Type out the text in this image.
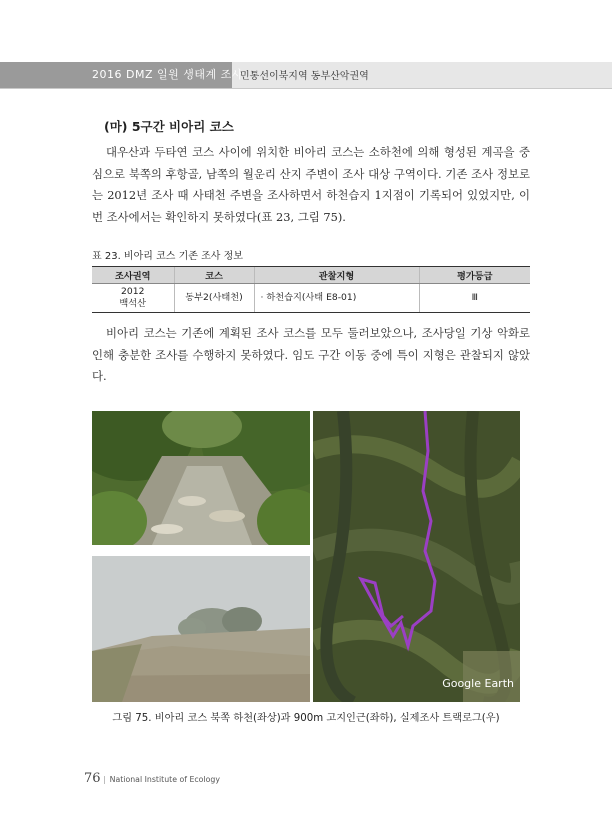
2016 DMZ 일원 생태계 조사
민통선이북지역 동부산악권역
(마) 5구간 비아리 코스
대우산과 두타연 코스 사이에 위치한 비아리 코스는 소하천에 의해 형성된 계곡을 중심으로 북쪽의 후항골, 남쪽의 월운리 산지 주변이 조사 대상 구역이다. 기존 조사 정보로는 2012년 조사 때 사태천 주변을 조사하면서 하천습지 1지점이 기록되어 있었지만, 이번 조사에서는 확인하지 못하였다(표 23, 그림 75).
표 23. 비아리 코스 기존 조사 정보
조사권역	코스	관찰지형	평가등급

2012
백석산	동부2(사태천)	· 하천습지(사태 E8-01)	Ⅲ
비아리 코스는 기존에 계획된 조사 코스를 모두 둘러보았으나, 조사당일 기상 악화로 인해 충분한 조사를 수행하지 못하였다. 임도 구간 이동 중에 특이 지형은 관찰되지 않았다.
Google Earth
그림 75. 비아리 코스 북쪽 하천(좌상)과 900m 고지인근(좌하), 실제조사 트랙로그(우)
76 | National Institute of Ecology
